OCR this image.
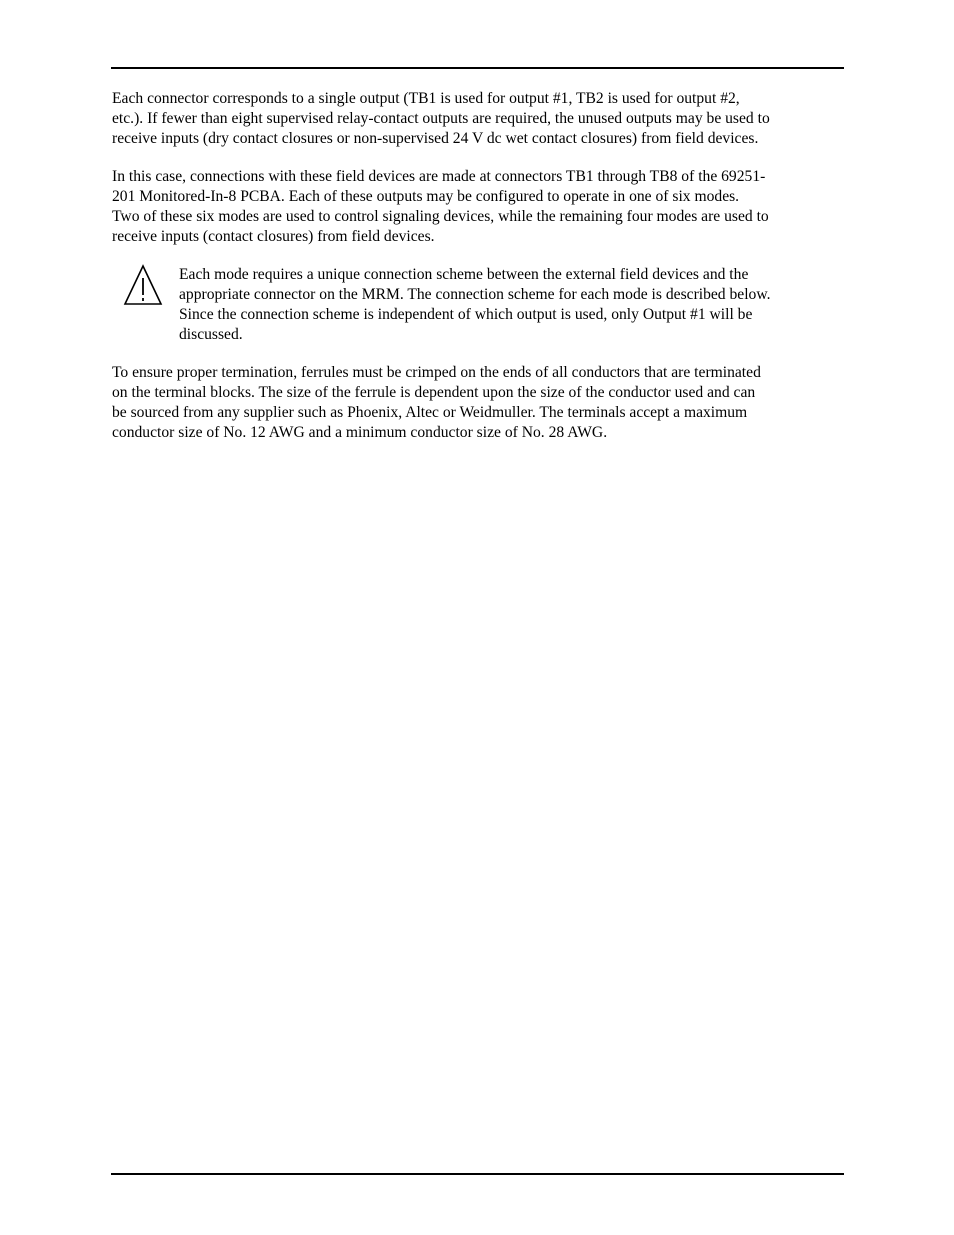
Each connector corresponds to a single output (TB1 is used for output #1, TB2 is used for output #2,
etc.). If fewer than eight supervised relay-contact outputs are required, the unused outputs may be used to
receive inputs (dry contact closures or non-supervised 24 V dc wet contact closures) from field devices.
In this case, connections with these field devices are made at connectors TB1 through TB8 of the 69251-
201 Monitored-In-8 PCBA. Each of these outputs may be configured to operate in one of six modes.
Two of these six modes are used to control signaling devices, while the remaining four modes are used to
receive inputs (contact closures) from field devices.
Each mode requires a unique connection scheme between the external field devices and the
appropriate connector on the MRM. The connection scheme for each mode is described below.
Since the connection scheme is independent of which output is used, only Output #1 will be
discussed.
To ensure proper termination, ferrules must be crimped on the ends of all conductors that are terminated
on the terminal blocks. The size of the ferrule is dependent upon the size of the conductor used and can
be sourced from any supplier such as Phoenix, Altec or Weidmuller. The terminals accept a maximum
conductor size of No. 12 AWG and a minimum conductor size of No. 28 AWG.
